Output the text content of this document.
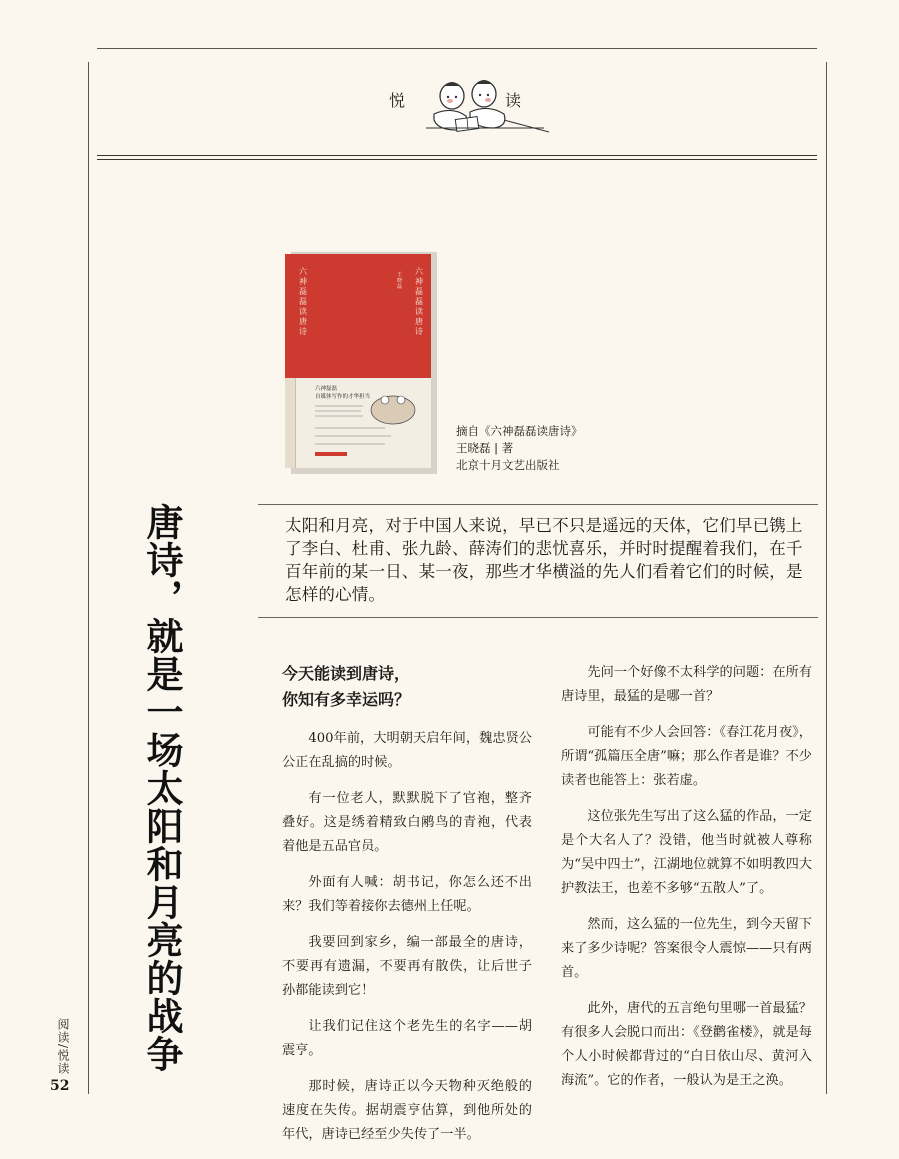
悦	读
六
神
磊
磊
读
唐
诗
六
神
磊
磊
读
唐
诗
王
晓
磊
六神磊磊
自媒体写作的才华担当
摘自《六神磊磊读唐诗》
王晓磊 | 著
北京十月文艺出版社
唐诗，就是一场太阳和月亮的战争	太阳和月亮，对于中国人来说，早已不只是遥远的天体，它们早已镌上了李白、杜甫、张九龄、薛涛们的悲忧喜乐，并时时提醒着我们，在千百年前的某一日、某一夜，那些才华横溢的先人们看着它们的时候，是怎样的心情。
今天能读到唐诗，
你知有多幸运吗？

400年前，大明朝天启年间，魏忠贤公公正在乱搞的时候。

有一位老人，默默脱下了官袍，整齐叠好。这是绣着精致白鹇鸟的青袍，代表着他是五品官员。

外面有人喊：胡书记，你怎么还不出来？我们等着接你去德州上任呢。

我要回到家乡，编一部最全的唐诗，不要再有遗漏，不要再有散佚，让后世子孙都能读到它！

让我们记住这个老先生的名字——胡震亨。

那时候，唐诗正以今天物种灭绝般的速度在失传。据胡震亨估算，到他所处的年代，唐诗已经至少失传了一半。

先问一个好像不太科学的问题：在所有唐诗里，最猛的是哪一首？

可能有不少人会回答：《春江花月夜》，所谓“孤篇压全唐”嘛；那么作者是谁？不少读者也能答上：张若虚。

这位张先生写出了这么猛的作品，一定是个大名人了？没错，他当时就被人尊称为“吴中四士”，江湖地位就算不如明教四大护教法王，也差不多够“五散人”了。

然而，这么猛的一位先生，到今天留下来了多少诗呢？答案很令人震惊——只有两首。

此外，唐代的五言绝句里哪一首最猛？有很多人会脱口而出：《登鹳雀楼》，就是每个人小时候都背过的“白日依山尽、黄河入海流”。它的作者，一般认为是王之涣。

阅读/悦读
52
